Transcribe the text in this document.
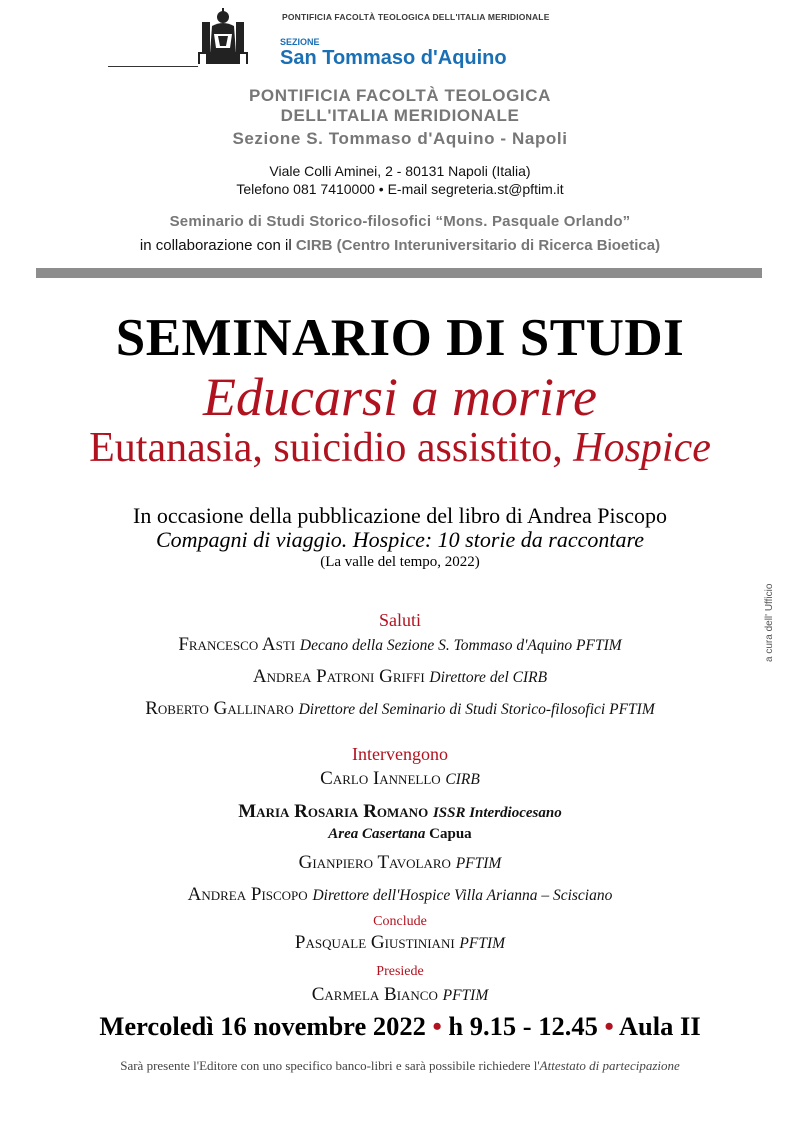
PONTIFICIA FACOLTÀ TEOLOGICA DELL'ITALIA MERIDIONALE
SEZIONE
San Tommaso d'Aquino
PONTIFICIA FACOLTÀ TEOLOGICA
DELL'ITALIA MERIDIONALE
Sezione S. Tommaso d'Aquino - Napoli
Viale Colli Aminei, 2 - 80131 Napoli (Italia)
Telefono 081 7410000 • E-mail segreteria.st@pftim.it
Seminario di Studi Storico-filosofici “Mons. Pasquale Orlando”
in collaborazione con il CIRB (Centro Interuniversitario di Ricerca Bioetica)
SEMINARIO DI STUDI
Educarsi a morire
Eutanasia, suicidio assistito, Hospice
In occasione della pubblicazione del libro di Andrea Piscopo
Compagni di viaggio. Hospice: 10 storie da raccontare
(La valle del tempo, 2022)
Saluti
Francesco Asti Decano della Sezione S. Tommaso d'Aquino PFTIM
Andrea Patroni Griffi Direttore del CIRB
Roberto Gallinaro Direttore del Seminario di Studi Storico-filosofici PFTIM
Intervengono
Carlo Iannello CIRB
Maria Rosaria Romano ISSR Interdiocesano
Area Casertana Capua
Gianpiero Tavolaro PFTIM
Andrea Piscopo Direttore dell'Hospice Villa Arianna – Scisciano
Conclude
Pasquale Giustiniani PFTIM
Presiede
Carmela Bianco PFTIM
Mercoledì 16 novembre 2022 • h 9.15 - 12.45 • Aula II
Sarà presente l'Editore con uno specifico banco-libri e sarà possibile richiedere l'Attestato di partecipazione
a cura dell' Ufficio
